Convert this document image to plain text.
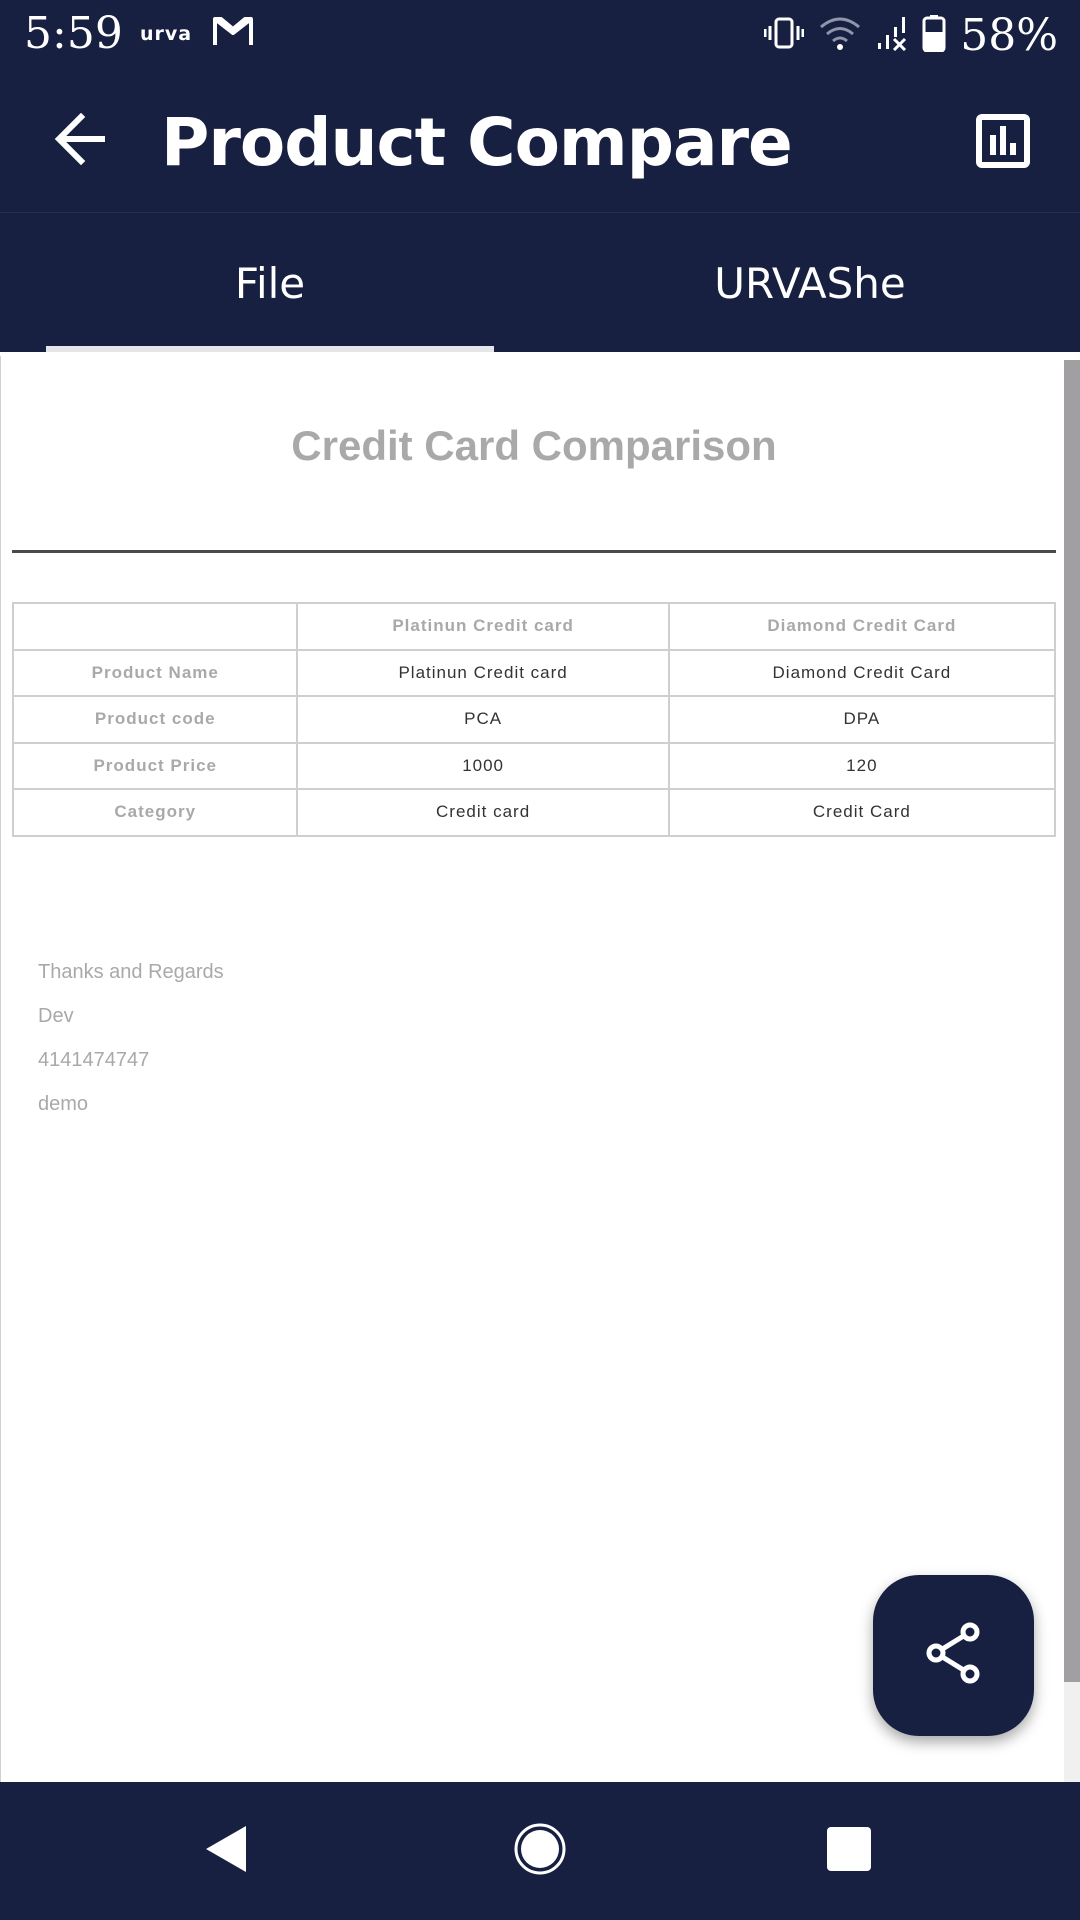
5:59 urva	58%
Product Compare
File	URVAShe
Credit Card Comparison
	Platinun Credit card	Diamond Credit Card
Product Name	Platinun Credit card	Diamond Credit Card
Product code	PCA	DPA
Product Price	1000	120
Category	Credit card	Credit Card
Thanks and Regards
Dev
4141474747
demo
